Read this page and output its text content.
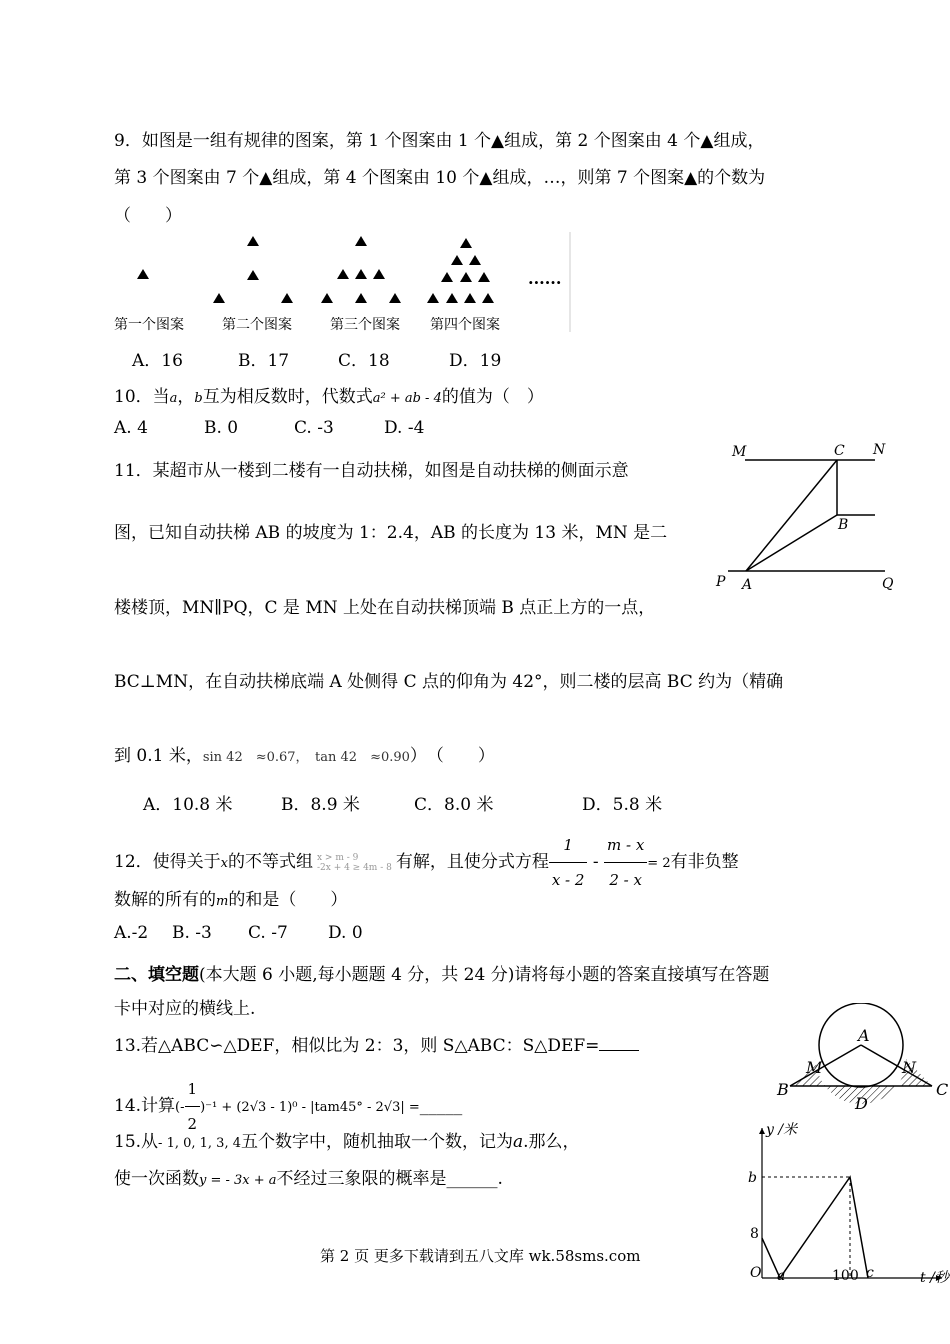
9．如图是一组有规律的图案，第 1 个图案由 1 个▲组成，第 2 个图案由 4 个▲组成，
第 3 个图案由 7 个▲组成，第 4 个图案由 10 个▲组成，…，则第 7 个图案▲的个数为
（　　）
......
第一个图案	第二个图案	第三个图案 第四个图案
A．16	B．17	C．18	D．19
10．当a，b互为相反数时，代数式a² + ab - 4的值为（　）
A. 4	B. 0	C. -3	D. -4
11．某超市从一楼到二楼有一自动扶梯，如图是自动扶梯的侧面示意
图，已知自动扶梯 AB 的坡度为 1：2.4，AB 的长度为 13 米，MN 是二
楼楼顶，MN∥PQ，C 是 MN 上处在自动扶梯顶端 B 点正上方的一点，
BC⊥MN，在自动扶梯底端 A 处侧得 C 点的仰角为 42°，则二楼的层高 BC 约为（精确
到 0.1 米，sin 42　≈0.67，　tan 42　≈0.90）　（　　）
A．10.8 米	B．8.9 米	C．8.0 米	D．5.8 米
M	C N
B
P A	Q
12．使得关于x的不等式组 x > m - 9
-2x + 4 ≥ 4m - 8 有解，且使分式方程 $\frac{1}{x - 2} - \frac{m - x}{2 - x} = 2$有非负整
数解的所有的m的和是（　　）
A.-2 B. -3 C. -7 D. 0
二、填空题(本大题 6 小题,每小题题 4 分，共 24 分)请将每小题的答案直接填写在答题
卡中对应的横线上.
13.若△ABC∽△DEF，相似比为 2：3，则 S△ABC：S△DEF=
A
M	N
B	C
D
14.计算(- $\frac{1}{2} )^{-1} + (2√3 - 1)^0 - |tam45^\circ - 2√3|$ =_____
15.从- 1, 0, 1, 3, 4五个数字中，随机抽取一个数，记为a.那么，
使一次函数y = - 3x + a不经过三象限的概率是______.
y /米
t /秒
b
8
O a	100 c
第 2 页 更多下载请到五八文库 wk.58sms.com
